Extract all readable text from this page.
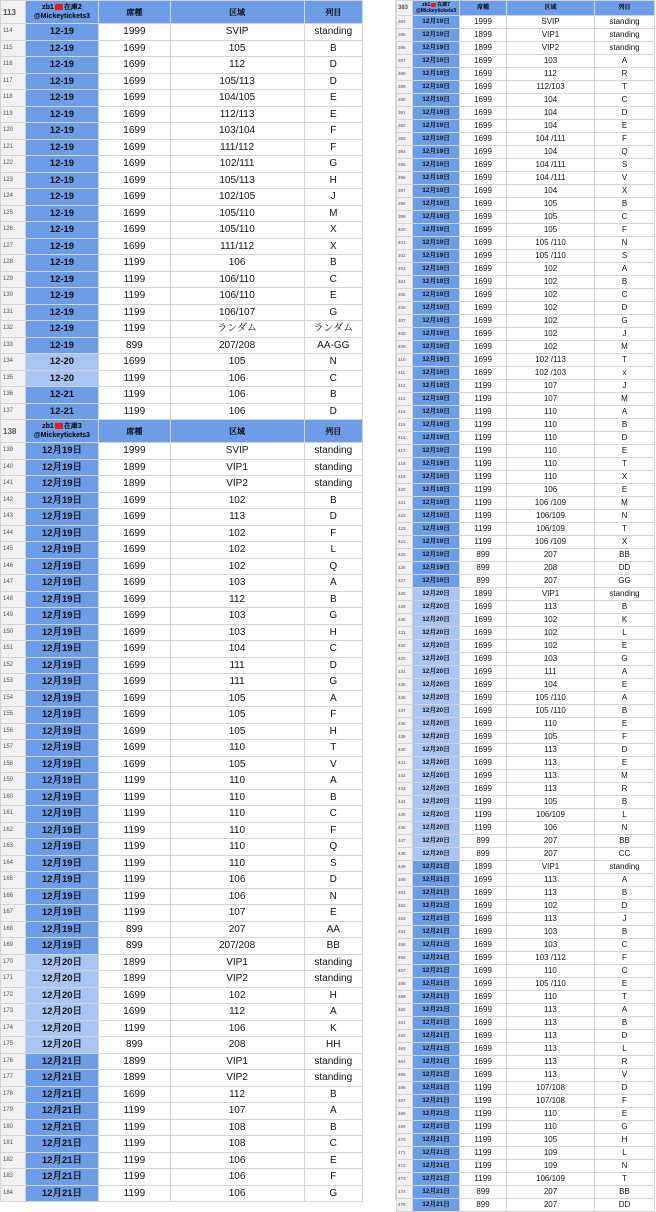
113	zb1 在庫2
@Mickeytickets3	席種	区域	列目
114	12-19	1999	SVIP	standing
115	12-19	1699	105	B
116	12-19	1699	112	D
117	12-19	1699	105/113	D
118	12-19	1699	104/105	E
119	12-19	1699	112/113	E
120	12-19	1699	103/104	F
121	12-19	1699	111/112	F
122	12-19	1699	102/111	G
123	12-19	1699	105/113	H
124	12-19	1699	102/105	J
125	12-19	1699	105/110	M
126	12-19	1699	105/110	X
127	12-19	1699	111/112	X
128	12-19	1199	106	B
129	12-19	1199	106/110	C
130	12-19	1199	106/110	E
131	12-19	1199	106/107	G
132	12-19	1199	ランダム	ランダム
133	12-19	899	207/208	AA-GG
134	12-20	1699	105	N
135	12-20	1199	106	C
136	12-21	1199	106	B
137	12-21	1199	106	D
138	zb1 在庫3
@Mickeytickets3	席種	区域	列目
139	12月19日	1999	SVIP	standing
140	12月19日	1899	VIP1	standing
141	12月19日	1899	VIP2	standing
142	12月19日	1699	102	B
143	12月19日	1699	113	D
144	12月19日	1699	102	F
145	12月19日	1699	102	L
146	12月19日	1699	102	Q
147	12月19日	1699	103	A
148	12月19日	1699	112	B
149	12月19日	1699	103	G
150	12月19日	1699	103	H
151	12月19日	1699	104	C
152	12月19日	1699	111	D
153	12月19日	1699	111	G
154	12月19日	1699	105	A
155	12月19日	1699	105	F
156	12月19日	1699	105	H
157	12月19日	1699	110	T
158	12月19日	1699	105	V
159	12月19日	1199	110	A
160	12月19日	1199	110	B
161	12月19日	1199	110	C
162	12月19日	1199	110	F
163	12月19日	1199	110	Q
164	12月19日	1199	110	S
165	12月19日	1199	106	D
166	12月19日	1199	106	N
167	12月19日	1199	107	E
168	12月19日	899	207	AA
169	12月19日	899	207/208	BB
170	12月20日	1899	VIP1	standing
171	12月20日	1899	VIP2	standing
172	12月20日	1699	102	H
173	12月20日	1699	112	A
174	12月20日	1199	106	K
175	12月20日	899	208	HH
176	12月21日	1899	VIP1	standing
177	12月21日	1899	VIP2	standing
178	12月21日	1699	112	B
179	12月21日	1199	107	A
180	12月21日	1199	108	B
181	12月21日	1199	108	C
182	12月21日	1199	106	E
183	12月21日	1199	106	F
184	12月21日	1199	106	G
383	zb1 在庫7
@Mickeytickets3	席種	区域	列目
384	12月19日	1999	SVIP	standing
385	12月19日	1899	VIP1	standing
386	12月19日	1899	VIP2	standing
387	12月19日	1699	103	A
388	12月19日	1699	112	R
389	12月19日	1699	112/103	T
390	12月19日	1699	104	C
391	12月19日	1699	104	D
392	12月19日	1699	104	E
393	12月19日	1699	104 /111	F
394	12月19日	1699	104	Q
395	12月19日	1699	104 /111	S
396	12月19日	1699	104 /111	V
397	12月19日	1699	104	X
398	12月19日	1699	105	B
399	12月19日	1699	105	C
400	12月19日	1699	105	F
401	12月19日	1699	105 /110	N
402	12月19日	1699	105 /110	S
403	12月19日	1699	102	A
404	12月19日	1699	102	B
405	12月19日	1699	102	C
406	12月19日	1699	102	D
407	12月19日	1699	102	G
408	12月19日	1699	102	J
409	12月19日	1699	102	M
410	12月19日	1699	102 /113	T
411	12月19日	1699	102 /103	x
412	12月19日	1199	107	J
413	12月19日	1199	107	M
414	12月19日	1199	110	A
415	12月19日	1199	110	B
416	12月19日	1199	110	D
417	12月19日	1199	110	E
418	12月19日	1199	110	T
419	12月19日	1199	110	X
420	12月19日	1199	106	E
421	12月19日	1199	106 /109	M
422	12月19日	1199	106/109	N
423	12月19日	1199	106/109	T
424	12月19日	1199	106 /109	X
425	12月19日	899	207	BB
426	12月19日	899	208	DD
427	12月19日	899	207	GG
428	12月20日	1899	VIP1	standing
429	12月20日	1699	113	B
430	12月20日	1699	102	K
431	12月20日	1699	102	L
432	12月20日	1699	102	E
433	12月20日	1699	103	G
434	12月20日	1699	111	A
435	12月20日	1699	104	E
436	12月20日	1699	105 /110	A
437	12月20日	1699	105 /110	B
438	12月20日	1699	110	E
439	12月20日	1699	105	F
440	12月20日	1699	113	D
441	12月20日	1699	113	E
442	12月20日	1699	113	M
443	12月20日	1699	113	R
444	12月20日	1199	105	B
445	12月20日	1199	106/109	L
446	12月20日	1199	106	N
447	12月20日	899	207	BB
448	12月20日	899	207	CC
449	12月21日	1899	VIP1	standing
450	12月21日	1699	113	A
451	12月21日	1699	113	B
452	12月21日	1699	102	D
453	12月21日	1699	113	J
454	12月21日	1699	103	B
455	12月21日	1699	103	C
456	12月21日	1699	103 /112	F
457	12月21日	1699	110	C
458	12月21日	1699	105 /110	E
459	12月21日	1699	110	T
460	12月21日	1699	113	A
461	12月21日	1699	113	B
462	12月21日	1699	113	D
463	12月21日	1699	113	L
464	12月21日	1699	113	R
465	12月21日	1699	113	V
466	12月21日	1199	107/108	D
467	12月21日	1199	107/108	F
468	12月21日	1199	110	E
469	12月21日	1199	110	G
470	12月21日	1199	105	H
471	12月21日	1199	109	L
472	12月21日	1199	109	N
473	12月21日	1199	106/109	T
474	12月21日	899	207	BB
475	12月21日	899	207	DD
